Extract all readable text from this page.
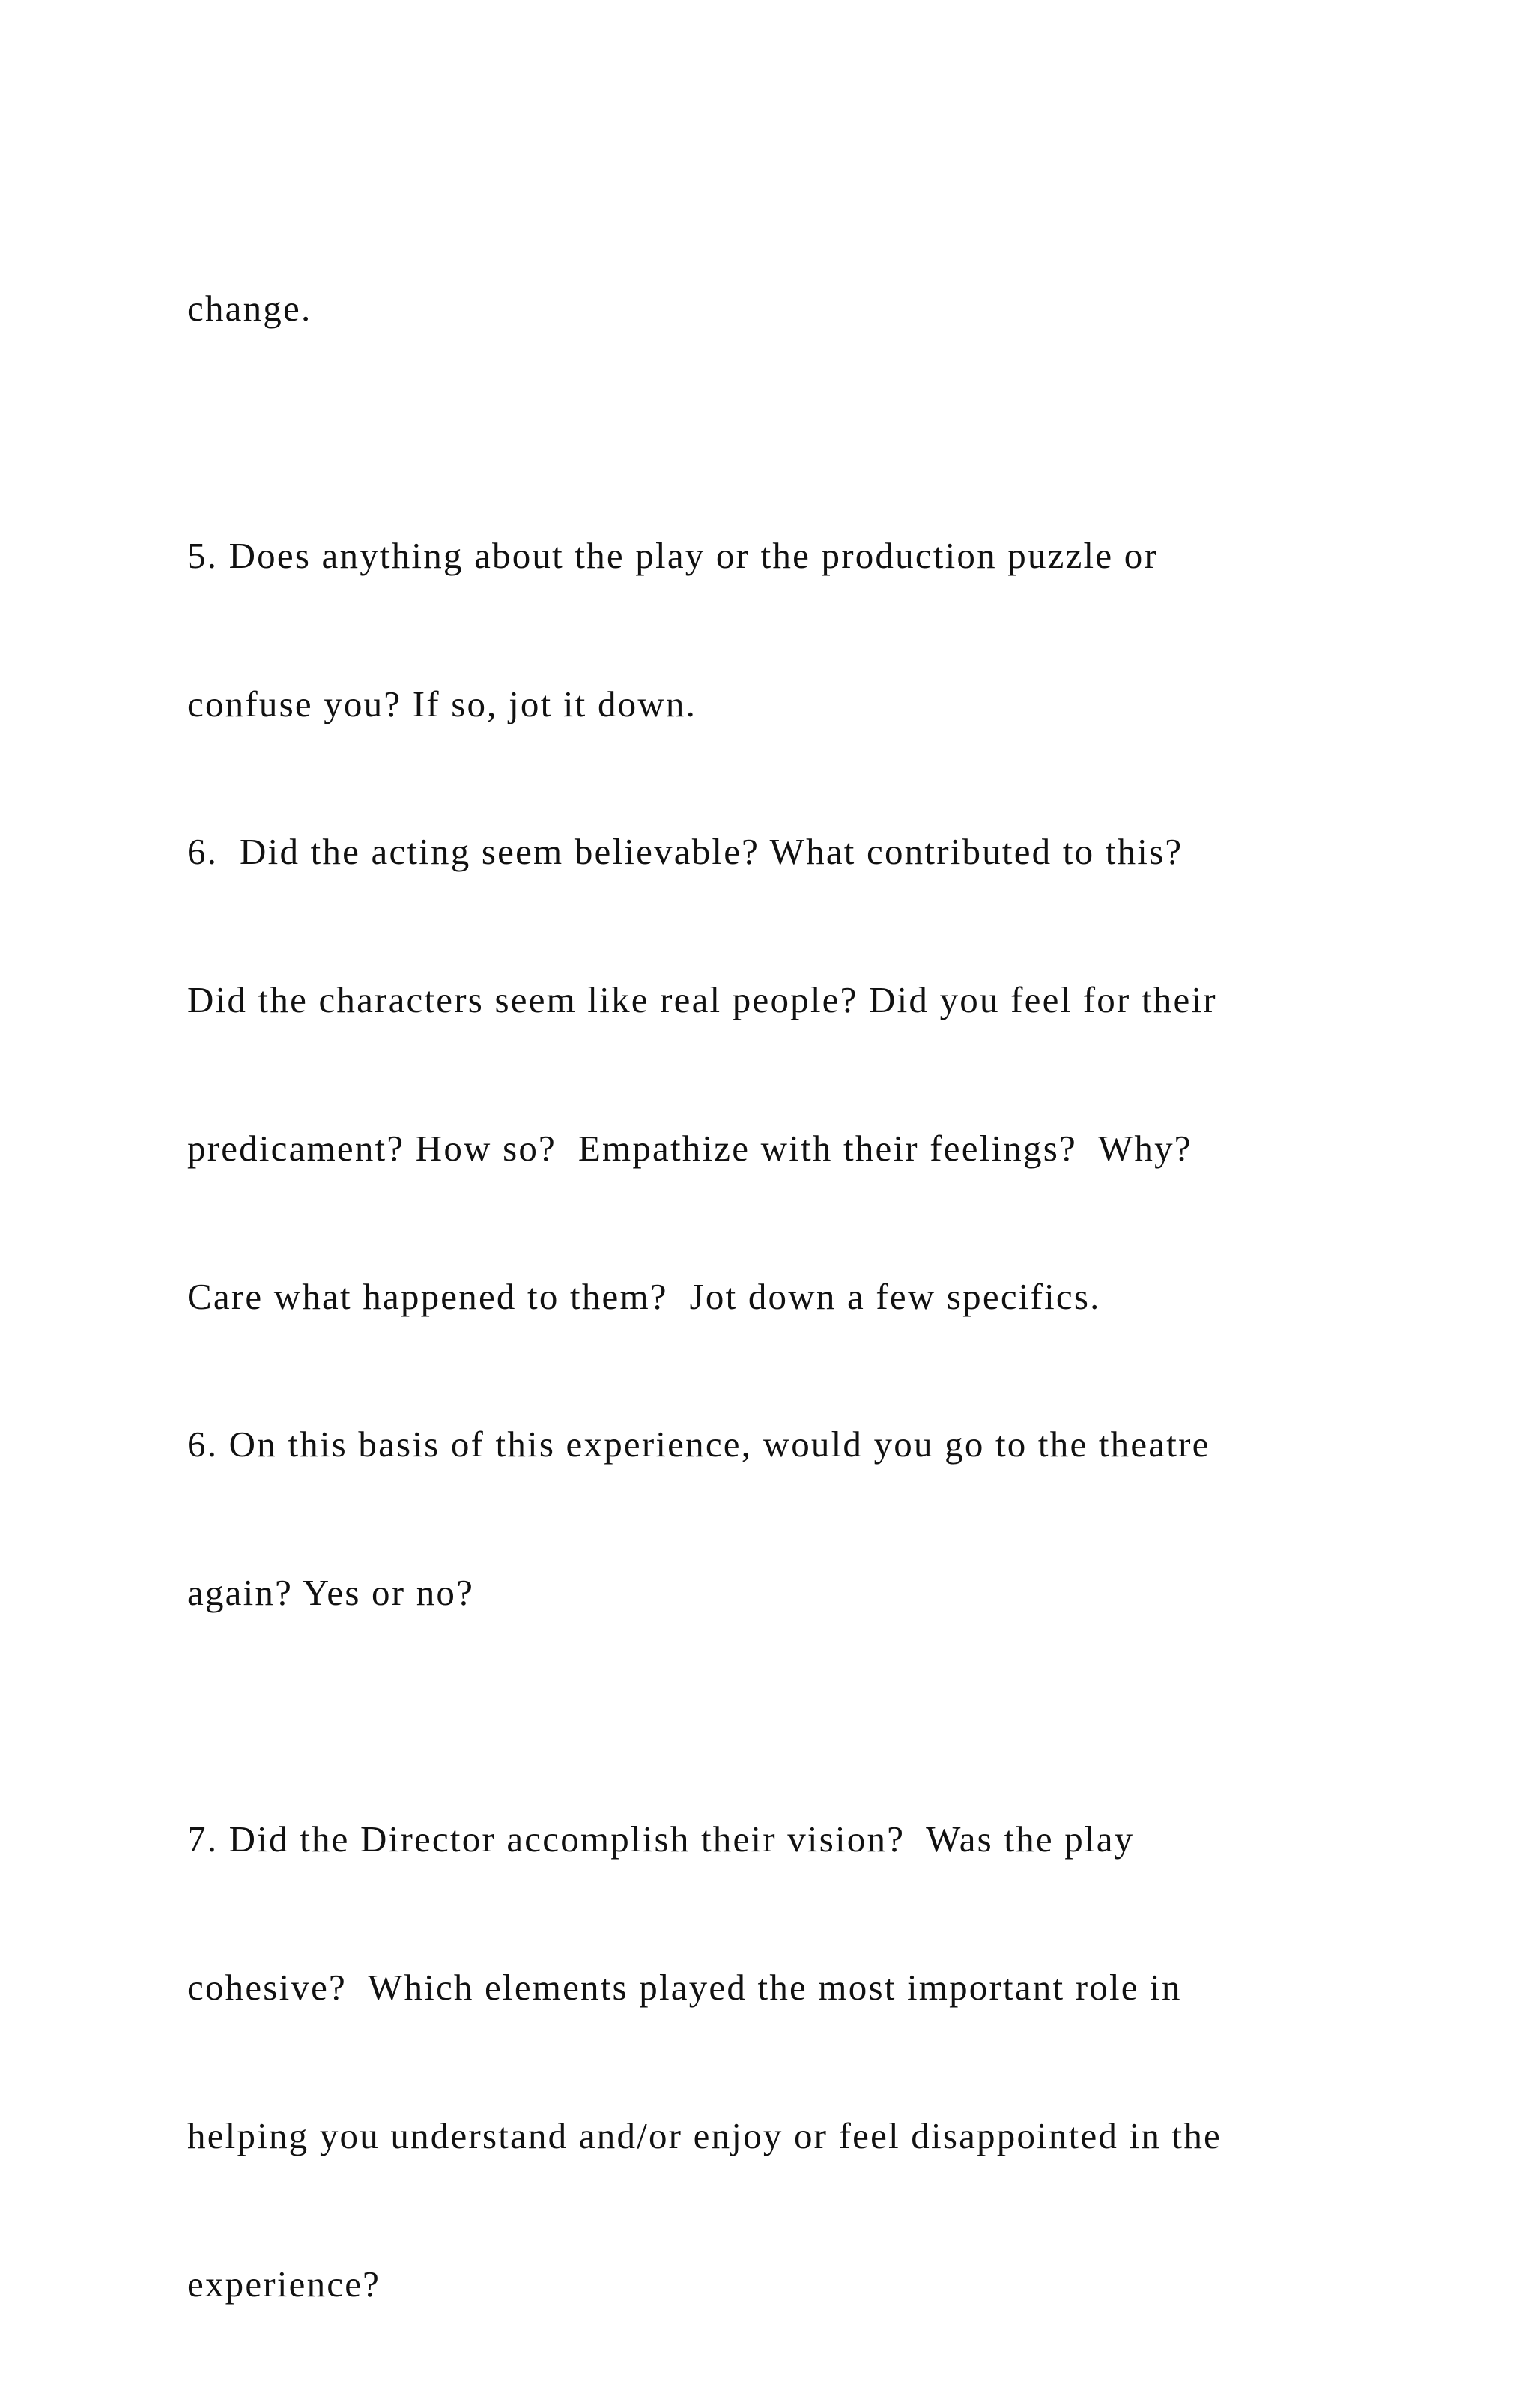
change.

5. Does anything about the play or the production puzzle or

confuse you? If so, jot it down.

6.  Did the acting seem believable? What contributed to this?

Did the characters seem like real people? Did you feel for their

predicament? How so?  Empathize with their feelings?  Why?

Care what happened to them?  Jot down a few specifics.

6. On this basis of this experience, would you go to the theatre

again? Yes or no?

7. Did the Director accomplish their vision?  Was the play

cohesive?  Which elements played the most important role in

helping you understand and/or enjoy or feel disappointed in the

experience?
